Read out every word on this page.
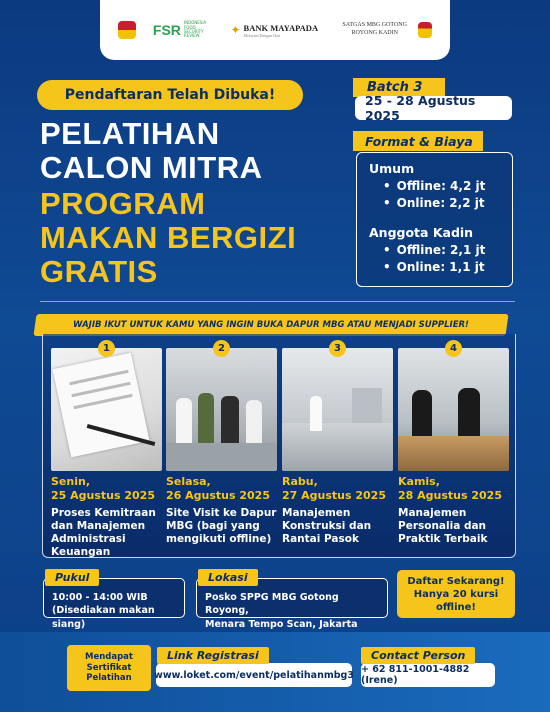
FSR INDONESIA FOOD SECURITY REVIEW	✦ BANK MAYAPADA
Melayani Dengan Hati
SATGAS MBG GOTONG ROYONG KADIN
Pendaftaran Telah Dibuka!
PELATIHAN
CALON MITRA
PROGRAM
MAKAN BERGIZI
GRATIS
Batch 3
25 - 28 Agustus 2025
Format & Biaya
Umum
• Offline: 4,2 jt
• Online: 2,2 jt
Anggota Kadin
• Offline: 2,1 jt
• Online: 1,1 jt
WAJIB IKUT UNTUK KAMU YANG INGIN BUKA DAPUR MBG ATAU MENJADI SUPPLIER!
1
Senin,
25 Agustus 2025
Proses Kemitraan dan Manajemen Administrasi Keuangan
2
Selasa,
26 Agustus 2025
Site Visit ke Dapur MBG (bagi yang mengikuti offline)
3
Rabu,
27 Agustus 2025
Manajemen Konstruksi dan Rantai Pasok
4
Kamis,
28 Agustus 2025
Manajemen Personalia dan Praktik Terbaik
10:00 - 14:00 WIB
(Disediakan makan siang)
Pukul
Posko SPPG MBG Gotong Royong,
Menara Tempo Scan, Jakarta
Lokasi	Daftar Sekarang!
Hanya 20 kursi
offline!
Mendapat
Sertifikat
Pelatihan
Link Registrasi
www.loket.com/event/pelatihanmbg3
Contact Person
+ 62 811-1001-4882 (Irene)
